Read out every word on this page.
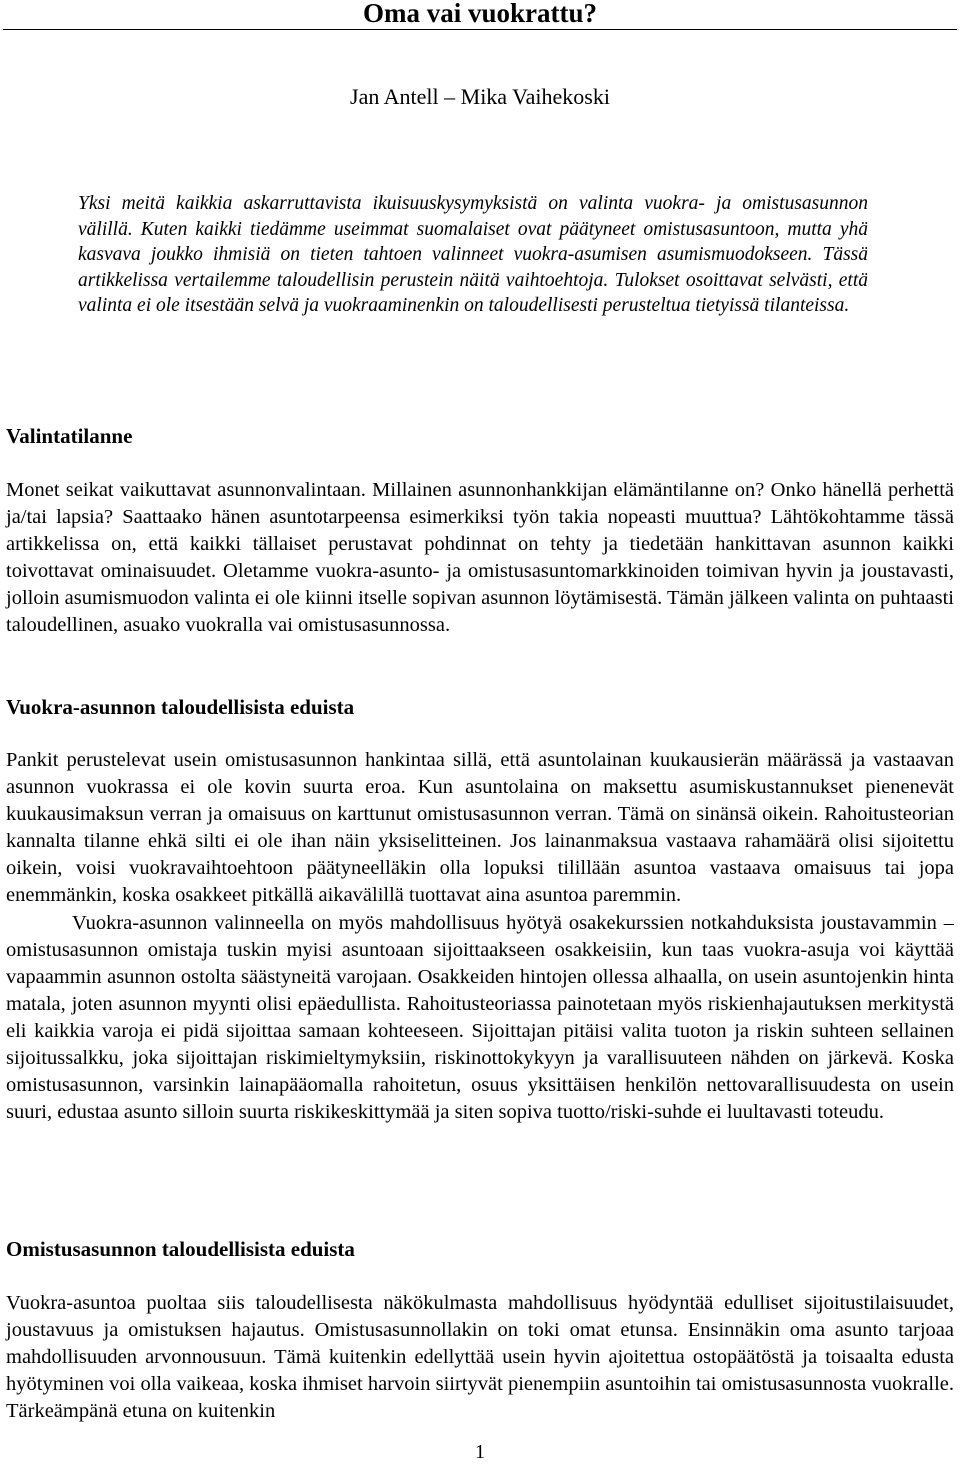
Oma vai vuokrattu?
Jan Antell – Mika Vaihekoski

Yksi meitä kaikkia askarruttavista ikuisuuskysymyksistä on valinta vuokra- ja omistusasunnon välillä. Kuten kaikki tiedämme useimmat suomalaiset ovat päätyneet omistusasuntoon, mutta yhä kasvava joukko ihmisiä on tieten tahtoen valinneet vuokra-asumisen asumismuodokseen. Tässä artikkelissa vertailemme taloudellisin perustein näitä vaihtoehtoja. Tulokset osoittavat selvästi, että valinta ei ole itsestään selvä ja vuokraaminenkin on taloudellisesti perusteltua tietyissä tilanteissa.

Valintatilanne

Monet seikat vaikuttavat asunnonvalintaan. Millainen asunnonhankkijan elämäntilanne on? Onko hänellä perhettä ja/tai lapsia? Saattaako hänen asuntotarpeensa esimerkiksi työn takia nopeasti muuttua? Lähtökohtamme tässä artikkelissa on, että kaikki tällaiset perustavat pohdinnat on tehty ja tiedetään hankittavan asunnon kaikki toivottavat ominaisuudet. Oletamme vuokra-asunto- ja omistusasuntomarkkinoiden toimivan hyvin ja joustavasti, jolloin asumismuodon valinta ei ole kiinni itselle sopivan asunnon löytämisestä. Tämän jälkeen valinta on puhtaasti taloudellinen, asuako vuokralla vai omistusasunnossa.

Vuokra-asunnon taloudellisista eduista

Pankit perustelevat usein omistusasunnon hankintaa sillä, että asuntolainan kuukausierän määrässä ja vastaavan asunnon vuokrassa ei ole kovin suurta eroa. Kun asuntolaina on maksettu asumiskustannukset pienenevät kuukausimaksun verran ja omaisuus on karttunut omistusasunnon verran. Tämä on sinänsä oikein. Rahoitusteorian kannalta tilanne ehkä silti ei ole ihan näin yksiselitteinen. Jos lainanmaksua vastaava rahamäärä olisi sijoitettu oikein, voisi vuokravaihtoehtoon päätyneelläkin olla lopuksi tilillään asuntoa vastaava omaisuus tai jopa enemmänkin, koska osakkeet pitkällä aikavälillä tuottavat aina asuntoa paremmin.

Vuokra-asunnon valinneella on myös mahdollisuus hyötyä osakekurssien notkahduksista joustavammin – omistusasunnon omistaja tuskin myisi asuntoaan sijoittaakseen osakkeisiin, kun taas vuokra-asuja voi käyttää vapaammin asunnon ostolta säästyneitä varojaan. Osakkeiden hintojen ollessa alhaalla, on usein asuntojenkin hinta matala, joten asunnon myynti olisi epäedullista. Rahoitusteoriassa painotetaan myös riskienhajautuksen merkitystä eli kaikkia varoja ei pidä sijoittaa samaan kohteeseen. Sijoittajan pitäisi valita tuoton ja riskin suhteen sellainen sijoitussalkku, joka sijoittajan riskimieltymyksiin, riskinottokykyyn ja varallisuuteen nähden on järkevä. Koska omistusasunnon, varsinkin lainapääomalla rahoitetun, osuus yksittäisen henkilön nettovarallisuudesta on usein suuri, edustaa asunto silloin suurta riskikeskittymää ja siten sopiva tuotto/riski-suhde ei luultavasti toteudu.

Omistusasunnon taloudellisista eduista

Vuokra-asuntoa puoltaa siis taloudellisesta näkökulmasta mahdollisuus hyödyntää edulliset sijoitustilaisuudet, joustavuus ja omistuksen hajautus. Omistusasunnollakin on toki omat etunsa. Ensinnäkin oma asunto tarjoaa mahdollisuuden arvonnousuun. Tämä kuitenkin edellyttää usein hyvin ajoitettua ostopäätöstä ja toisaalta edusta hyötyminen voi olla vaikeaa, koska ihmiset harvoin siirtyvät pienempiin asuntoihin tai omistusasunnosta vuokralle. Tärkeämpänä etuna on kuitenkin

1
